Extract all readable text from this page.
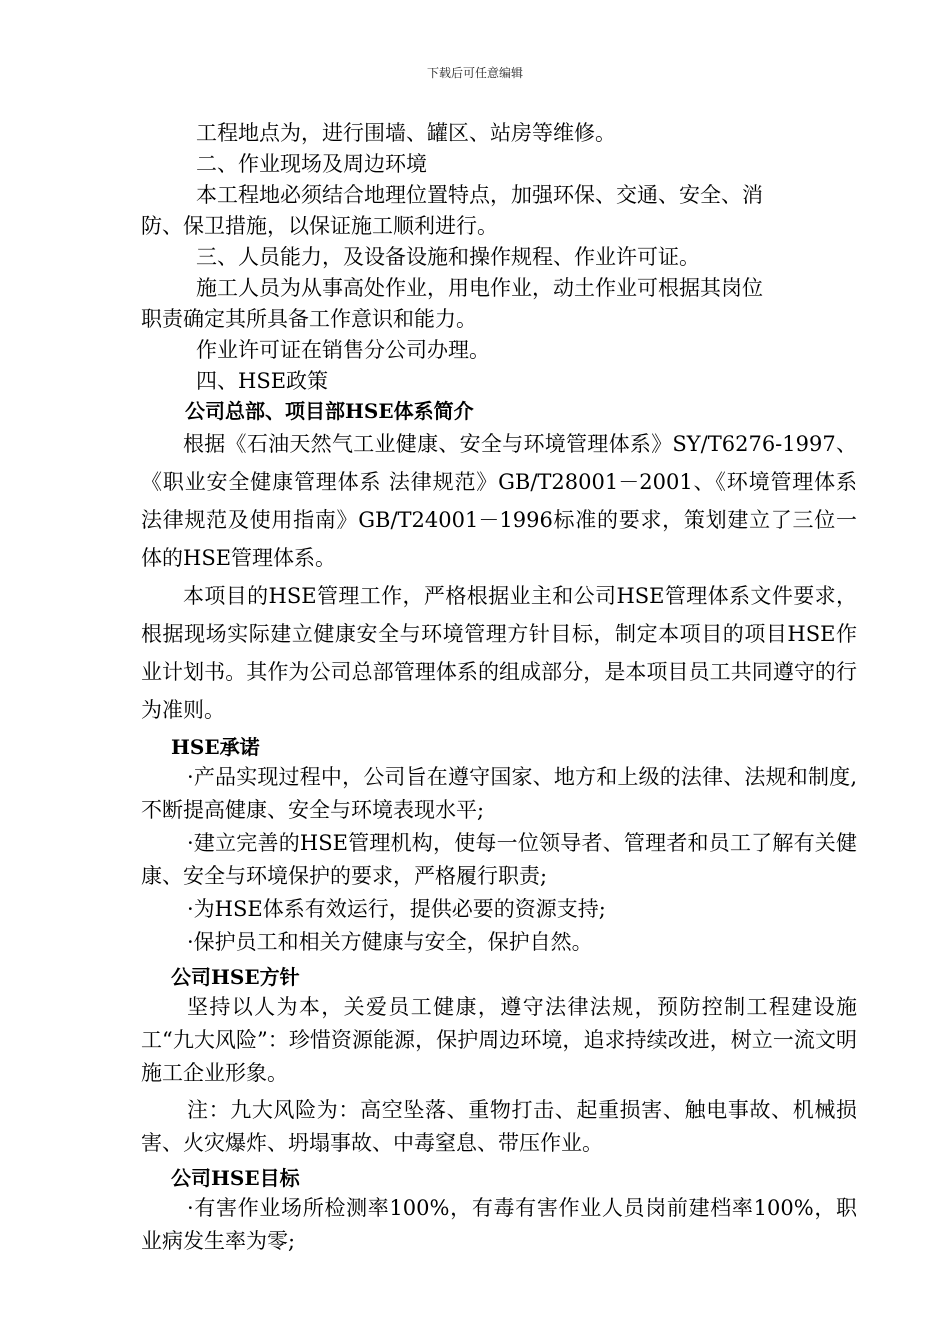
下载后可任意编辑

工程地点为，进行围墙、罐区、站房等维修。

二、作业现场及周边环境

本工程地必须结合地理位置特点，加强环保、交通、安全、消

防、保卫措施，以保证施工顺利进行。

三、人员能力，及设备设施和操作规程、作业许可证。

施工人员为从事高处作业，用电作业，动土作业可根据其岗位

职责确定其所具备工作意识和能力。

作业许可证在销售分公司办理。

四、HSE政策

公司总部、项目部HSE体系简介

根据《石油天然气工业健康、安全与环境管理体系》SY/T6276-1997、《职业安全健康管理体系 法律规范》GB/T28001－2001、《环境管理体系 法律规范及使用指南》GB/T24001－1996标准的要求，策划建立了三位一体的HSE管理体系。

本项目的HSE管理工作，严格根据业主和公司HSE管理体系文件要求，根据现场实际建立健康安全与环境管理方针目标，制定本项目的项目HSE作业计划书。其作为公司总部管理体系的组成部分，是本项目员工共同遵守的行为准则。

HSE承诺

·产品实现过程中，公司旨在遵守国家、地方和上级的法律、法规和制度,不断提高健康、安全与环境表现水平;

·建立完善的HSE管理机构，使每一位领导者、管理者和员工了解有关健康、安全与环境保护的要求，严格履行职责;

·为HSE体系有效运行，提供必要的资源支持;

·保护员工和相关方健康与安全，保护自然。

公司HSE方针

坚持以人为本，关爱员工健康，遵守法律法规，预防控制工程建设施工“九大风险”：珍惜资源能源，保护周边环境，追求持续改进，树立一流文明施工企业形象。

注：九大风险为：高空坠落、重物打击、起重损害、触电事故、机械损害、火灾爆炸、坍塌事故、中毒窒息、带压作业。

公司HSE目标

·有害作业场所检测率100%，有毒有害作业人员岗前建档率100%，职业病发生率为零;
